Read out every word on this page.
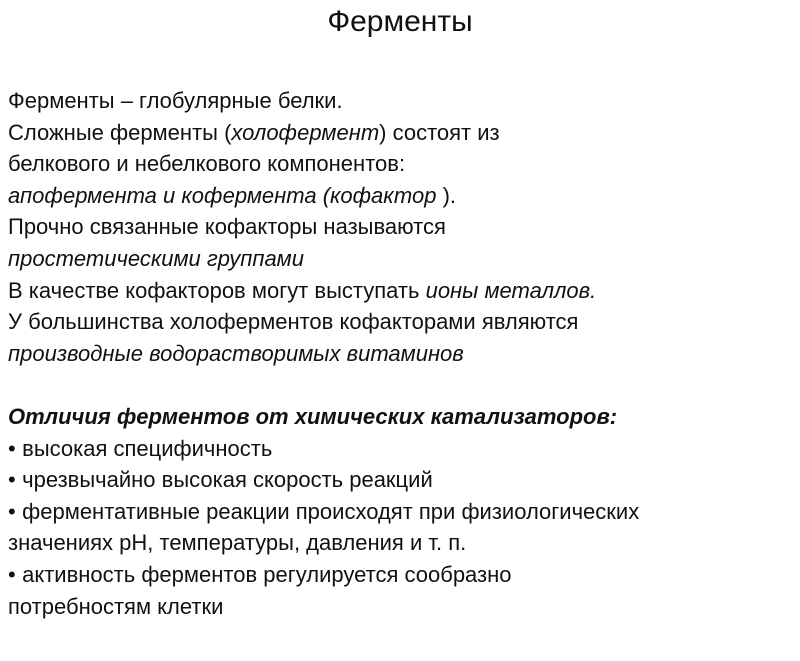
Ферменты
Ферменты – глобулярные белки.
Сложные ферменты (холофермент) состоят из
белкового и небелкового компонентов:
апофермента и кофермента (кофактор ).
Прочно связанные кофакторы называются
простетическими группами
В качестве кофакторов могут выступать ионы металлов.
У большинства холоферментов кофакторами являются
производные водорастворимых витаминов
Отличия ферментов от химических катализаторов:
• высокая специфичность
• чрезвычайно высокая скорость реакций
• ферментативные реакции происходят при физиологических
значениях pH, температуры, давления и т. п.
• активность ферментов регулируется сообразно
потребностям клетки
